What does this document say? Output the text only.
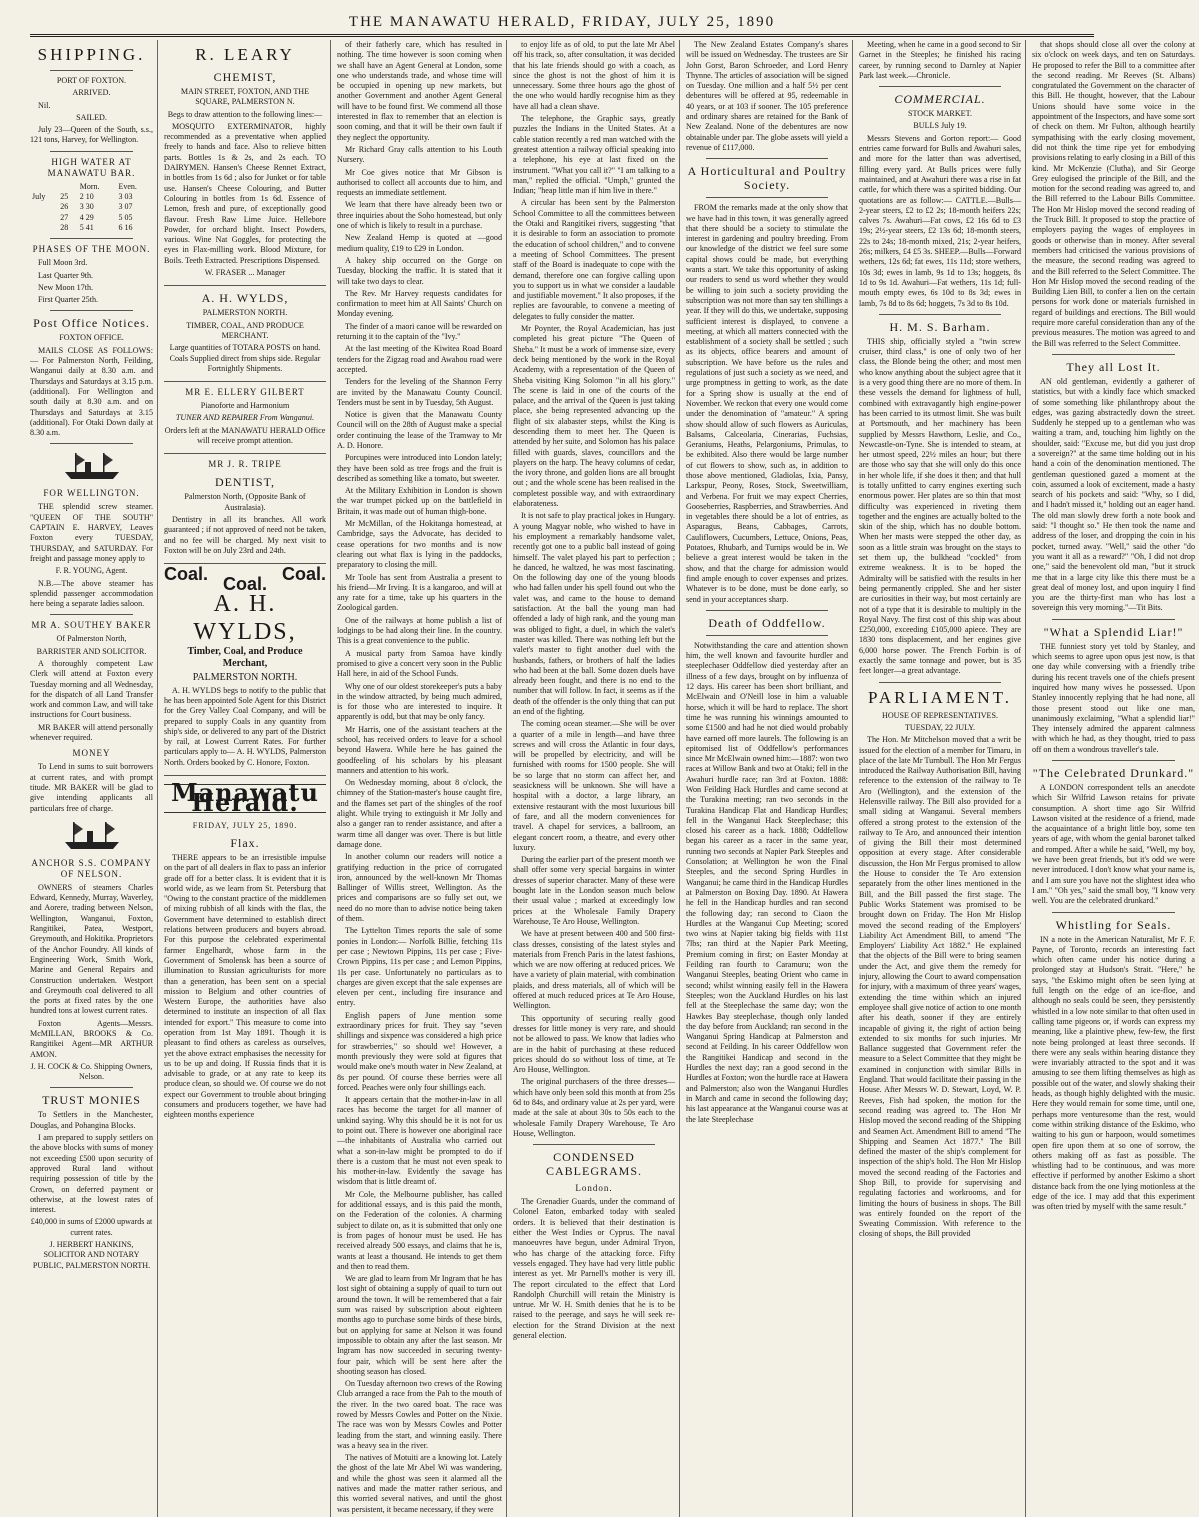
THE MANAWATU HERALD, FRIDAY, JULY 25, 1890
SHIPPING.

PORT OF FOXTON.

ARRIVED.

Nil.

SAILED.

July 23—Queen of the South, s.s., 121 tons, Harvey, for Wellington.

HIGH WATER AT MANAWATU BAR.
		Morn.	Even.
July	25	2 10	3 03
	26	3 30	3 07
	27	4 29	5 05
	28	5 41	6 16
PHASES OF THE MOON.

Full Moon 3rd.

Last Quarter 9th.

New Moon 17th.

First Quarter 25th.

Post Office Notices.

FOXTON OFFICE.

MAILS CLOSE AS FOLLOWS:— For Palmerston North, Feilding, Wanganui daily at 8.30 a.m. and Thursdays and Saturdays at 3.15 p.m. (additional). For Wellington and south daily at 8.30 a.m. and on Thursdays and Saturdays at 3.15 (additional). For Otaki Down daily at 8.30 a.m.

FOR WELLINGTON.

THE splendid screw steamer. "QUEEN OF THE SOUTH" CAPTAIN E. HARVEY, Leaves Foxton every TUESDAY, THURSDAY, and SATURDAY. For freight and passage money apply to

F. R. YOUNG, Agent.

N.B.—The above steamer has splendid passenger accommodation here being a separate ladies saloon.

MR A. SOUTHEY BAKER

Of Palmerston North,

BARRISTER AND SOLICITOR.

A thoroughly competent Law Clerk will attend at Foxton every Tuesday morning and all Wednesday, for the dispatch of all Land Transfer work and common Law, and will take instructions for Court business.

MR BAKER will attend personally whenever required.

MONEY

To Lend in sums to suit borrowers at current rates, and with prompt titude. MR BAKER will be glad to give intending applicants all particulars free of charge.

ANCHOR S.S. COMPANY OF NELSON.

OWNERS of steamers Charles Edward, Kennedy, Murray, Waverley, and Aorere, trading between Nelson, Wellington, Wanganui, Foxton, Rangitikei, Patea, Westport, Greymouth, and Hokitika. Proprietors of the Anchor Foundry. All kinds of Engineering Work, Smith Work, Marine and General Repairs and Construction undertaken. Westport and Greymouth coal delivered to all the ports at fixed rates by the one hundred tons at lowest current rates.

Foxton Agents—Messrs. McMILLAN, BROOKS & Co. Rangitikei Agent—MR ARTHUR AMON.

J. H. COCK & Co. Shipping Owners, Nelson.

TRUST MONIES

To Settlers in the Manchester, Douglas, and Pohangina Blocks.

I am prepared to supply settlers on the above blocks with sums of money not exceeding £500 upon security of approved Rural land without requiring possession of title by the Crown, on deferred payment or otherwise, at the lowest rates of interest.

£40,000 in sums of £2000 upwards at current rates.

J. HERBERT HANKINS, SOLICITOR AND NOTARY PUBLIC, PALMERSTON NORTH.

R. LEARY
CHEMIST,

MAIN STREET, FOXTON, AND THE SQUARE, PALMERSTON N.

Begs to draw attention to the following lines:—

MOSQUITO EXTERMINATOR, highly recommended as a preventative when applied freely to hands and face. Also to relieve bitten parts. Bottles 1s & 2s, and 2s each. TO DAIRYMEN. Hansen's Cheese Rennet Extract, in bottles from 1s 6d ; also for Junket or for table use. Hansen's Cheese Colouring, and Butter Colouring in bottles from 1s 6d. Essence of Lemon, fresh and pure, of exceptionally good flavour. Fresh Raw Lime Juice. Hellebore Powder, for orchard blight. Insect Powders, various. Wine Nat Goggles, for protecting the eyes in Flax-milling work. Blood Mixture, for Boils. Teeth Extracted. Prescriptions Dispensed.

W. FRASER ... Manager

A. H. WYLDS,

PALMERSTON NORTH.

TIMBER, COAL, AND PRODUCE MERCHANT.

Large quantities of TOTARA POSTS on hand. Coals Supplied direct from ships side. Regular Fortnightly Shipments.

MR E. ELLERY GILBERT

Pianoforte and Harmonium

TUNER AND REPAIRER From Wanganui.

Orders left at the MANAWATU HERALD Office will receive prompt attention.

MR J. R. TRIPE
DENTIST,

Palmerston North, (Opposite Bank of Australasia).

Dentistry in all its branches. All work guaranteed ; if not approved of need not be taken, and no fee will be charged. My next visit to Foxton will be on July 23rd and 24th.

Coal.	Coal.
Coal.
A. H. WYLDS,

Timber, Coal, and Produce Merchant,

PALMERSTON NORTH.

A. H. WYLDS begs to notify to the public that he has been appointed Sole Agent for this District for the Grey Valley Coal Company, and will be prepared to supply Coals in any quantity from ship's side, or delivered to any part of the District by rail, at Lowest Current Rates. For further particulars apply to— A. H. WYLDS, Palmerston North. Orders booked by C. Honore, Foxton.

Manawatu Herald.
FRIDAY, JULY 25, 1890.
Flax.

THERE appears to be an irresistible impulse on the part of all dealers in flax to pass an inferior grade off for a better class. It is evident that it is world wide, as we learn from St. Petersburg that "Owing to the constant practice of the middlemen of mixing rubbish of all kinds with the flax, the Government have determined to establish direct relations between producers and buyers abroad. For this purpose the celebrated experimental farmer Engelhardt, whose farm in the Government of Smolensk has been a source of illumination to Russian agriculturists for more than a generation, has been sent on a special mission to Belgium and other countries of Western Europe, the authorities have also determined to institute an inspection of all flax intended for export." This measure to come into operation from 1st May 1891. Though it is pleasant to find others as careless as ourselves, yet the above extract emphasises the necessity for us to be up and doing. If Russia finds that it is advisable to grade, or at any rate to keep its produce clean, so should we. Of course we do not expect our Government to trouble about bringing consumers and producers together, we have had eighteen months experience

of their fatherly care, which has resulted in nothing. The time however is soon coming when we shall have an Agent General at London, some one who understands trade, and whose time will be occupied in opening up new markets, but another Government and another Agent General will have to be found first. We commend all those interested in flax to remember that an election is soon coming, and that it will be their own fault if they neglect the opportunity.

Mr Richard Gray calls attention to his Louth Nursery.

Mr Coe gives notice that Mr Gibson is authorised to collect all accounts due to him, and requests an immediate settlement.

We learn that there have already been two or three inquiries about the Soho homestead, but only one of which is likely to result in a purchase.

New Zealand Hemp is quoted at —good medium quality, £19 to £29 in London.

A hakey ship occurred on the Gorge on Tuesday, blocking the traffic. It is stated that it will take two days to clear.

The Rev. Mr Harvey requests candidates for confirmation to meet him at All Saints' Church on Monday evening.

The finder of a maori canoe will be rewarded on returning it to the captain of the "Ivy."

At the last meeting of the Kiwitea Road Board tenders for the Zigzag road and Awahou road were accepted.

Tenders for the leveling of the Shannon Ferry are invited by the Manawatu County Council. Tenders must be sent in by Tuesday, 5th August.

Notice is given that the Manawatu County Council will on the 28th of August make a special order continuing the lease of the Tramway to Mr A. D. Honore.

Porcupines were introduced into London lately; they have been sold as tree frogs and the fruit is described as something like a tomato, but sweeter.

At the Military Exhibition in London is shown the war trumpet picked up on the battlefield in Britain, it was made out of human thigh-bone.

Mr McMillan, of the Hokitanga homestead, at Cambridge, says the Advocate, has decided to cease operations for two months and is now clearing out what flax is lying in the paddocks, preparatory to closing the mill.

Mr Toole has sent from Australia a present to his friend—Mr Irving. It is a kangaroo, and will at any rate for a time, take up his quarters in the Zoological garden.

One of the railways at home publish a list of lodgings to be had along their line. In the country. This is a great convenience to the public.

A musical party from Samoa have kindly promised to give a concert very soon in the Public Hall here, in aid of the School Funds.

Why one of our oldest storekeeper's puts a baby in the window attracted, by being much admired, is for those who are interested to inquire. It apparently is odd, but that may be only fancy.

Mr Harris, one of the assistant teachers at the school, has received orders to leave for a school beyond Hawera. While here he has gained the goodfeeling of his scholars by his pleasant manners and attention to his work.

On Wednesday morning, about 8 o'clock, the chimney of the Station-master's house caught fire, and the flames set part of the shingles of the roof alight. While trying to extinguish it Mr Jolly and also a ganger ran to render assistance, and after a warm time all danger was over. There is but little damage done.

In another column our readers will notice a gratifying reduction in the price of corrugated iron, announced by the well-known Mr Thomas Ballinger of Willis street, Wellington. As the prices and comparisons are so fully set out, we need do no more than to advise notice being taken of them.

The Lyttelton Times reports the sale of some ponies in London:— Norfolk Billie, fetching 11s per case ; Newtown Pippins, 11s per case ; Five-Crown Pippins, 11s per case ; and Lemon Pippins, 1ls per case. Unfortunately no particulars as to charges are given except that the sale expenses are eleven per cent., including fire insurance and entry.

English papers of June mention some extraordinary prices for fruit. They say "seven shillings and sixpence was considered a high price for strawberries," so should we! However, a month previously they were sold at figures that would make one's mouth water in New Zealand, at 8s per pound. Of course these berries were all forced. Peaches were only four shillings each.

It appears certain that the mother-in-law in all races has become the target for all manner of unkind saying. Why this should be it is not for us to point out. There is however one aboriginal race—the inhabitants of Australia who carried out what a son-in-law might be prompted to do if there is a custom that he must not even speak to his mother-in-law. Evidently the savage has wisdom that is little dreamt of.

Mr Cole, the Melbourne publisher, has called for additional essays, and is this paid the month, on the Federation of the colonies. A charming subject to dilate on, as it is submitted that only one is from pages of honour must be used. He has received already 500 essays, and claims that he is, wants at least a thousand. He intends to get them and then to read them.

We are glad to learn from Mr Ingram that he has lost sight of obtaining a supply of quail to turn out around the town. It will be remembered that a fair sum was raised by subscription about eighteen months ago to purchase some birds of these birds, but on applying for same at Nelson it was found impossible to obtain any after the last season. Mr Ingram has now succeeded in securing twenty-four pair, which will be sent here after the shooting season has closed.

On Tuesday afternoon two crews of the Rowing Club arranged a race from the Pah to the mouth of the river. In the two oared boat. The race was rowed by Messrs Cowles and Potter on the Nixie. The race was won by Messrs Cowles and Potter leading from the start, and winning easily. There was a heavy sea in the river.

The natives of Motuiti are a knowing lot. Lately the ghost of the late Mr Abel Wi was wandering, and while the ghost was seen it alarmed all the natives and made the matter rather serious, and this worried several natives, and until the ghost was persistent, it became necessary, if they were

to enjoy life as of old, to put the late Mr Abel off his track, so, after consultation, it was decided that his late friends should go with a coach, as since the ghost is not the ghost of him it is unnecessary. Some three hours ago the ghost of the one who would hardly recognise him as they have all had a clean shave.

The telephone, the Graphic says, greatly puzzles the Indians in the United States. At a cable station recently a red man watched with the greatest attention a railway official speaking into a telephone, his eye at last fixed on the instrument. "What you call it?" "I am talking to a man," replied the official. "Umph," grunted the Indian; "heap little man if him live in there."

A circular has been sent by the Palmerston School Committee to all the committees between the Otaki and Rangitikei rivers, suggesting "that it is desirable to form an association to promote the education of school children," and to convene a meeting of School Committees. The present staff of the Board is inadequate to cope with the demand, therefore one can forgive calling upon you to support us in what we consider a laudable and justifiable movement." It also proposes, if the replies are favourable, to convene a meeting of delegates to fully consider the matter.

Mr Poynter, the Royal Academician, has just completed his great picture "The Queen of Sheba." It must be a work of immense size, every deck being mentioned by the work in the Royal Academy, with a representation of the Queen of Sheba visiting King Solomon "in all his glory." The scene is laid in one of the courts of the palace, and the arrival of the Queen is just taking place, she being represented advancing up the flight of six alabaster steps, whilst the King is descending them to meet her. The Queen is attended by her suite, and Solomon has his palace filled with guards, slaves, councillors and the players on the harp. The heavy columns of cedar, the ivory throne, and golden lions are all brought out ; and the whole scene has been realised in the completest possible way, and with extraordinary elaborateness.

It is not safe to play practical jokes in Hungary. A young Magyar noble, who wished to have in his employment a remarkably handsome valet, recently got one to a public ball instead of going himself. The valet played his part to perfection ; he danced, he waltzed, he was most fascinating. On the following day one of the young bloods who had fallen under his spell found out who the valet was, and came to the house to demand satisfaction. At the ball the young man had offended a lady of high rank, and the young man was obliged to fight, a duel, in which the valet's master was killed. There was nothing left but the valet's master to fight another duel with the husbands, fathers, or brothers of half the ladies who had been at the ball. Some dozen duels have already been fought, and there is no end to the number that will follow. In fact, it seems as if the death of the offender is the only thing that can put an end of the fighting.

The coming ocean steamer.—She will be over a quarter of a mile in length—and have three screws and will cross the Atlantic in four days, will be propelled by electricity, and will be furnished with rooms for 1500 people. She will be so large that no storm can affect her, and seasickness will be unknown. She will have a hospital with a doctor, a large library, an extensive restaurant with the most luxurious bill of fare, and all the modern conveniences for travel. A chapel for services, a ballroom, an elegant concert room, a theatre, and every other luxury.

During the earlier part of the present month we shall offer some very special bargains in winter dresses of superior character. Many of these were bought late in the London season much below their usual value ; marked at exceedingly low prices at the Wholesale Family Drapery Warehouse, Te Aro House, Wellington.

We have at present between 400 and 500 first-class dresses, consisting of the latest styles and materials from French Paris in the latest fashions, which we are now offering at reduced prices. We have a variety of plain material, with combination plaids, and dress materials, all of which will be offered at much reduced prices at Te Aro House, Wellington.

This opportunity of securing really good dresses for little money is very rare, and should not be allowed to pass. We know that ladies who are in the habit of purchasing at these reduced prices should do so without loss of time, at Te Aro House, Wellington.

The original purchasers of the three dresses—which have only been sold this month at from 25s 6d to 84s, and ordinary value at 2s per yard, were made at the sale at about 30s to 50s each to the wholesale Family Drapery Warehouse, Te Aro House, Wellington.

CONDENSED CABLEGRAMS.
London.

The Grenadier Guards, under the command of Colonel Eaton, embarked today with sealed orders. It is believed that their destination is either the West Indies or Cyprus. The naval manoeuvres have begun, under Admiral Tryon, who has charge of the attacking force. Fifty vessels engaged. They have had very little public interest as yet. Mr Parnell's mother is very ill. The report circulated to the effect that Lord Randolph Churchill will retain the Ministry is untrue. Mr W. H. Smith denies that he is to be raised to the peerage, and says he will seek re-election for the Strand Division at the next general election.

The New Zealand Estates Company's shares will be issued on Wednesday. The trustees are Sir John Gorst, Baron Schroeder, and Lord Henry Thynne. The articles of association will be signed on Tuesday. One million and a half 5½ per cent debentures will be offered at 95, redeemable in 40 years, or at 103 if sooner. The 105 preference and ordinary shares are retained for the Bank of New Zealand. None of the debentures are now obtainable under par. The globe assets will yield a revenue of £117,000.

A Horticultural and Poultry Society.

FROM the remarks made at the only show that we have had in this town, it was generally agreed that there should be a society to stimulate the interest in gardening and poultry breeding. From our knowledge of the district we feel sure some capital shows could be made, but everything wants a start. We take this opportunity of asking our readers to send us word whether they would be willing to join such a society providing the subscription was not more than say ten shillings a year. If they will do this, we undertake, supposing sufficient interest is displayed, to convene a meeting, at which all matters connected with the establishment of a society shall be settled ; such as its objects, office bearers and amount of subscription. We have before us the rules and regulations of just such a society as we need, and urge promptness in getting to work, as the date for a Spring show is usually at the end of November. We reckon that every one would come under the denomination of "amateur." A spring show should allow of such flowers as Auriculas, Balsams, Calceolaria, Cinerarias, Fuchsias, Geraniums, Heaths, Pelargoniums, Primulas, to be exhibited. Also there would be large number of cut flowers to show, such as, in addition to those above mentioned, Gladiolas, Ixia, Pansy, Larkspur, Peony, Roses, Stock, Sweetwilliam, and Verbena. For fruit we may expect Cherries, Gooseberries, Raspberries, and Strawberries. And in vegetables there should be a lot of entries, as Asparagus, Beans, Cabbages, Carrots, Cauliflowers, Cucumbers, Lettuce, Onions, Peas, Potatoes, Rhubarb, and Turnips would be in. We believe a great interest would be taken in the show, and that the charge for admission would find ample enough to cover expenses and prizes. Whatever is to be done, must be done early, so send in your acceptances sharp.

Death of Oddfellow.

Notwithstanding the care and attention shown him, the well known and favourite hurdler and steeplechaser Oddfellow died yesterday after an illness of a few days, brought on by influenza of 12 days. His career has been short brilliant, and McElwain and O'Neill lose in him a valuable horse, which it will be hard to replace. The short time he was running his winnings amounted to some £1500 and had he not died would probably have earned off more laurels. The following is an epitomised list of Oddfellow's performances since Mr McElwain owned him:—1887: won two races at Willow Bank and two at Otaki; fell in the Awahuri hurdle race; ran 3rd at Foxton. 1888: Won Feilding Hack Hurdles and came second at the Turakina meeting; ran two seconds in the Turakina Handicap Flat and Handicap Hurdles; fell in the Wanganui Hack Steeplechase; this closed his career as a hack. 1888; Oddfellow began his career as a racer in the same year, running two seconds at Napier Park Steeples and Consolation; at Wellington he won the Final Steeples, and the second Spring Hurdles in Wanganui; he came third in the Handicap Hurdles at Palmerston on Boxing Day. 1890. At Hawera he fell in the Handicap hurdles and ran second the following day; ran second to Ciaon the Hurdles at the Wanganui Cup Meeting; scored two wins at Napier taking big fields with 11st 7lbs; ran third at the Napier Park Meeting, Premium coming in first; on Easter Monday at Feilding ran fourth to Caramuru; won the Wanganui Steeples, beating Orient who came in second; whilst winning easily fell in the Hawera Steeples; won the Auckland Hurdles on his last fell at the Steeplechase the same day; won the Hawkes Bay steeplechase, though only landed the day before from Auckland; ran second in the Wanganui Spring Handicap at Palmerston and second at Feilding. In his career Oddfellow won the Rangitikei Handicap and second in the Hurdles the next day; ran a good second in the Hurdles at Foxton; won the hurdle race at Hawera and Palmerston; also won the Wanganui Hurdles in March and came in second the following day; his last appearance at the Wanganui course was at the late Steeplechase

Meeting, when he came in a good second to Sir Garnet in the Steeples; he finished his racing career, by running second to Darnley at Napier Park last week.—Chronicle.

COMMERCIAL.

STOCK MARKET.

BULLS July 19.

Messrs Stevens and Gorton report:— Good entries came forward for Bulls and Awahuri sales, and more for the latter than was advertised, filling every yard. At Bulls prices were fully maintained, and at Awahuri there was a rise in fat cattle, for which there was a spirited bidding. Our quotations are as follow:— CATTLE.—Bulls—2-year steers, £2 to £2 2s; 18-month heifers 22s; calves 7s. Awahuri—Fat cows, £2 16s 6d to £3 19s; 2½-year steers, £2 13s 6d; 18-month steers, 22s to 24s; 18-month mixed, 21s; 2-year heifers, 26s; milkers, £4 £5 3s. SHEEP.—Bulls—Forward wethers, 12s 6d; fat ewes, 11s 11d; store wethers, 10s 3d; ewes in lamb, 9s 1d to 13s; hoggets, 8s 1d to 9s 1d. Awahuri—Fat wethers, 11s 1d; full-mouth empty ewes, 6s 10d to 8s 3d; ewes in lamb, 7s 8d to 8s 6d; hoggets, 7s 3d to 8s 10d.

H. M. S. Barham.

THIS ship, officially styled a "twin screw cruiser, third class," is one of only two of her class, the Blonde being the other; and most men who know anything about the subject agree that it is a very good thing there are no more of them. In these vessels the demand for lightness of hull, combined with extravagantly high engine-power has been carried to its utmost limit. She was built at Portsmouth, and her machinery has been supplied by Messrs Hawthorn, Leslie, and Co., Newcastle-on-Tyne. She is intended to steam, at her utmost speed, 22½ miles an hour; but there are those who say that she will only do this once in her whole life, if she does it then; and that hull is totally unfitted to carry engines exerting such enormous power. Her plates are so thin that most difficulty was experienced in riveting them together and the engines are actually bolted to the skin of the ship, which has no double bottom. When her masts were stepped the other day, as soon as a little strain was brought on the stays to set them up, the bulkhead "cockled" from extreme weakness. It is to be hoped the Admiralty will be satisfied with the results in her being permanently crippled. She and her sister are curiosities in their way, but most certainly are not of a type that it is desirable to multiply in the Royal Navy. The first cost of this ship was about £250,000, exceeding £105,000 apiece. They are 1830 tons displacement, and her engines give 6,000 horse power. The French Forbin is of exactly the same tonnage and power, but is 35 feet longer—a great advantage.

PARLIAMENT.

HOUSE OF REPRESENTATIVES.

TUESDAY, 22 JULY.

The Hon. Mr Mitchelson moved that a writ be issued for the election of a member for Timaru, in place of the late Mr Turnbull. The Hon Mr Fergus introduced the Railway Authorisation Bill, having reference to the extension of the railway to Te Aro (Wellington), and the extension of the Helensville railway. The Bill also provided for a small siding at Wanganui. Several members offered a strong protest to the extension of the railway to Te Aro, and announced their intention of giving the Bill their most determined opposition at every stage. After considerable discussion, the Hon Mr Fergus promised to allow the House to consider the Te Aro extension separately from the other lines mentioned in the Bill, and the Bill passed the first stage. The Public Works Statement was promised to be brought down on Friday. The Hon Mr Hislop moved the second reading of the Employers' Liability Act Amendment Bill, to amend "The Employers' Liability Act 1882." He explained that the objects of the Bill were to bring seamen under the Act, and give them the remedy for injury, allowing the Court to award compensation for injury, with a maximum of three years' wages, extending the time within which an injured employee shall give notice of action to one month after his death, sooner if they are entirely incapable of giving it, the right of action being extended to six months for such injuries. Mr Ballance suggested that Government refer the measure to a Select Committee that they might be examined in conjunction with similar Bills in England. That would facilitate their passing in the House. After Messrs W. D. Stewart, Loyd, W. P. Reeves, Fish had spoken, the motion for the second reading was agreed to. The Hon Mr Hislop moved the second reading of the Shipping and Seamen Act. Amendment Bill to amend "The Shipping and Seamen Act 1877." The Bill defined the master of the ship's complement for inspection of the ship's hold. The Hon Mr Hislop moved the second reading of the Factories and Shop Bill, to provide for supervising and regulating factories and workrooms, and for limiting the hours of business in shops. The Bill was entirely founded on the report of the Sweating Commission. With reference to the closing of shops, the Bill provided

that shops should close all over the colony at six o'clock on week days, and ten on Saturdays. He proposed to refer the Bill to a committee after the second reading. Mr Reeves (St. Albans) congratulated the Government on the character of this Bill. He thought, however, that the Labour Unions should have some voice in the appointment of the Inspectors, and have some sort of check on them. Mr Fulton, although heartily sympathising with the early closing movement, did not think the time ripe yet for embodying provisions relating to early closing in a Bill of this kind. Mr McKenzie (Clutha), and Sir George Grey eulogised the principle of the Bill, and the motion for the second reading was agreed to, and the Bill referred to the Labour Bills Committee. The Hon Mr Hislop moved the second reading of the Truck Bill. It proposed to stop the practice of employers paying the wages of employees in goods or otherwise than in money. After several members had criticised the various provisions of the measure, the second reading was agreed to and the Bill referred to the Select Committee. The Hon Mr Hislop moved the second reading of the Building Lien Bill, to confer a lien on the certain persons for work done or materials furnished in regard of buildings and erections. The Bill would require more careful consideration than any of the previous measures. The motion was agreed to and the Bill was referred to the Select Committee.

They all Lost It.

AN old gentleman, evidently a gatherer of statistics, but with a kindly face which smacked of some something like philanthropy about the edges, was gazing abstractedly down the street. Suddenly he stepped up to a gentleman who was waiting a tram, and, touching him lightly on the shoulder, said: "Excuse me, but did you just drop a sovereign?" at the same time holding out in his hand a coin of the denomination mentioned. The gentleman questioned gazed a moment at the coin, assumed a look of excitement, made a hasty search of his pockets and said: "Why, so I did, and I hadn't missed it," holding out an eager hand. The old man slowly drew forth a note book and said: "I thought so." He then took the name and address of the loser, and dropping the coin in his pocket, turned away. "Well," said the other "do you want it all as a reward?" "Oh, I did not drop one," said the benevolent old man, "but it struck me that in a large city like this there must be a great deal of money lost, and upon inquiry I find you are the thirty-first man who has lost a sovereign this very morning."—Tit Bits.

"What a Splendid Liar!"

THE funniest story yet told by Stanley, and which seems to agree upon opus jest now, is that one day while conversing with a friendly tribe during his recent travels one of the chiefs present inquired how many wives he possessed. Upon Stanley innocently replying that he had none, all those present stood out like one man, unanimously exclaiming, "What a splendid liar!" They intensely admired the apparent calmness with which he had, as they thought, tried to pass off on them a wondrous traveller's tale.

"The Celebrated Drunkard."

A LONDON correspondent tells an anecdote which Sir Wilfrid Lawson retains for private consumption. A short time ago Sir Wilfrid Lawson visited at the residence of a friend, made the acquaintance of a bright little boy, some ten years of age, with whom the genial baronet talked and romped. After a while he said, "Well, my boy, we have been great friends, but it's odd we were never introduced. I don't know what your name is, and I am sure you have not the slightest idea who I am." "Oh yes," said the small boy, "I know very well. You are the celebrated drunkard."

Whistling for Seals.

IN a note in the American Naturalist, Mr F. F. Payne, of Toronto, records an interesting fact which often came under his notice during a prolonged stay at Hudson's Strait. "Here," he says, "the Eskimo might often be seen lying at full length on the edge of an ice-floe, and although no seals could be seen, they persistently whistled in a low note similar to that often used in calling tame pigeons or, if words can express my meaning, like a plaintive phew, few-few, the first note being prolonged at least three seconds. If there were any seals within hearing distance they were invariably attracted to the spot and it was amusing to see them lifting themselves as high as possible out of the water, and slowly shaking their heads, as though highly delighted with the music. Here they would remain for some time, until one, perhaps more venturesome than the rest, would come within striking distance of the Eskimo, who waiting to his gun or harpoon, would sometimes open fire upon them at so one of sorrow, the others making off as fast as possible. The whistling had to be continuous, and was more effective if performed by another Eskimo a short distance back from the one lying motionless at the edge of the ice. I may add that this experiment was often tried by myself with the same result."
